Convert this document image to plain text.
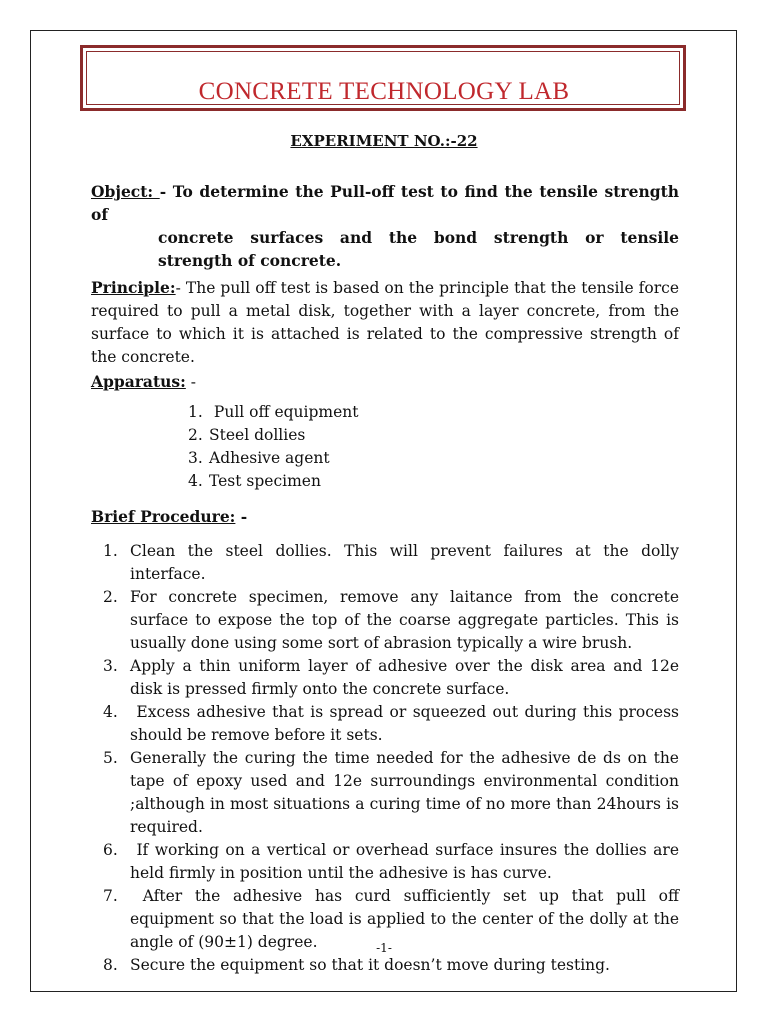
CONCRETE TECHNOLOGY LAB
EXPERIMENT NO.:-22
Object: - To determine the Pull-off test to find the tensile strength of
concrete surfaces and the bond strength or tensile strength of concrete.
Principle:- The pull off test is based on the principle that the tensile force required to pull a metal disk, together with a layer concrete, from the surface to which it is attached is related to the compressive strength of the concrete.
Apparatus: -
1. Pull off equipment
2. Steel dollies
3. Adhesive agent
4. Test specimen
Brief Procedure: -
1. Clean the steel dollies. This will prevent failures at the dolly interface.
2. For concrete specimen, remove any laitance from the concrete surface to expose the top of the coarse aggregate particles. This is usually done using some sort of abrasion typically a wire brush.
3. Apply a thin uniform layer of adhesive over the disk area and 12e disk is pressed firmly onto the concrete surface.
4. Excess adhesive that is spread or squeezed out during this process should be remove before it sets.
5. Generally the curing the time needed for the adhesive de ds on the tape of epoxy used and 12e surroundings environmental condition ;although in most situations a curing time of no more than 24hours is required.
6. If working on a vertical or overhead surface insures the dollies are held firmly in position until the adhesive is has curve.
7. After the adhesive has curd sufficiently set up that pull off equipment so that the load is applied to the center of the dolly at the angle of (90±1) degree.
8. Secure the equipment so that it doesn’t move during testing.
-1-
